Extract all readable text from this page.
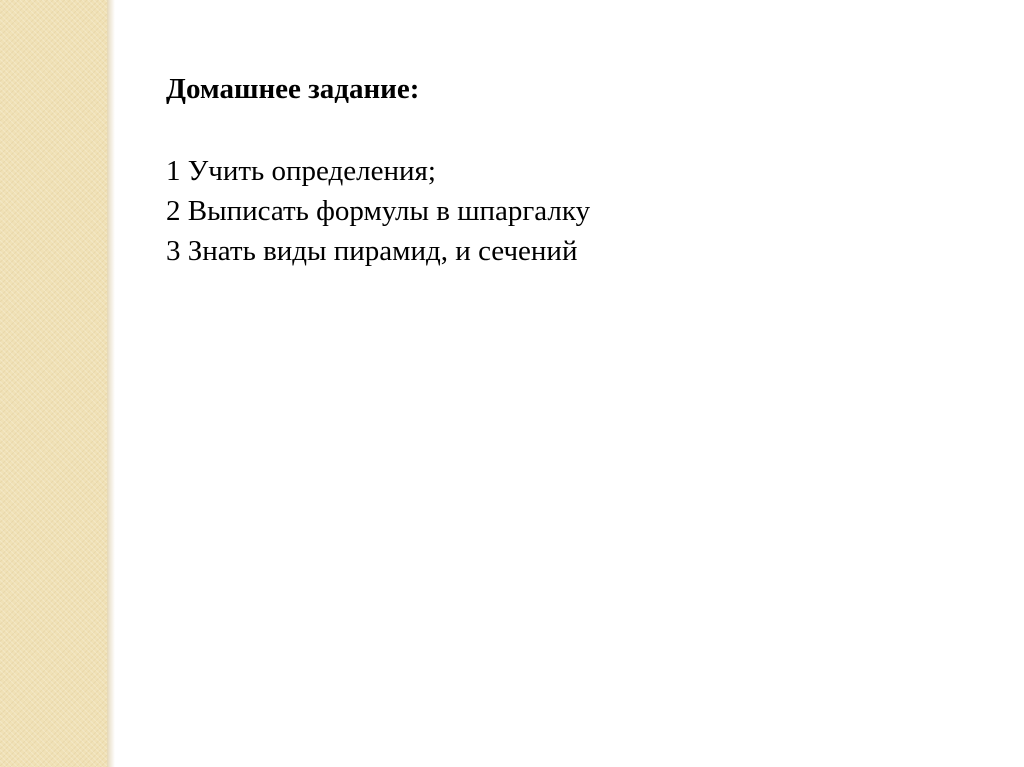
Домашнее задание:
1 Учить определения;
2 Выписать формулы в шпаргалку
3 Знать виды пирамид, и сечений
